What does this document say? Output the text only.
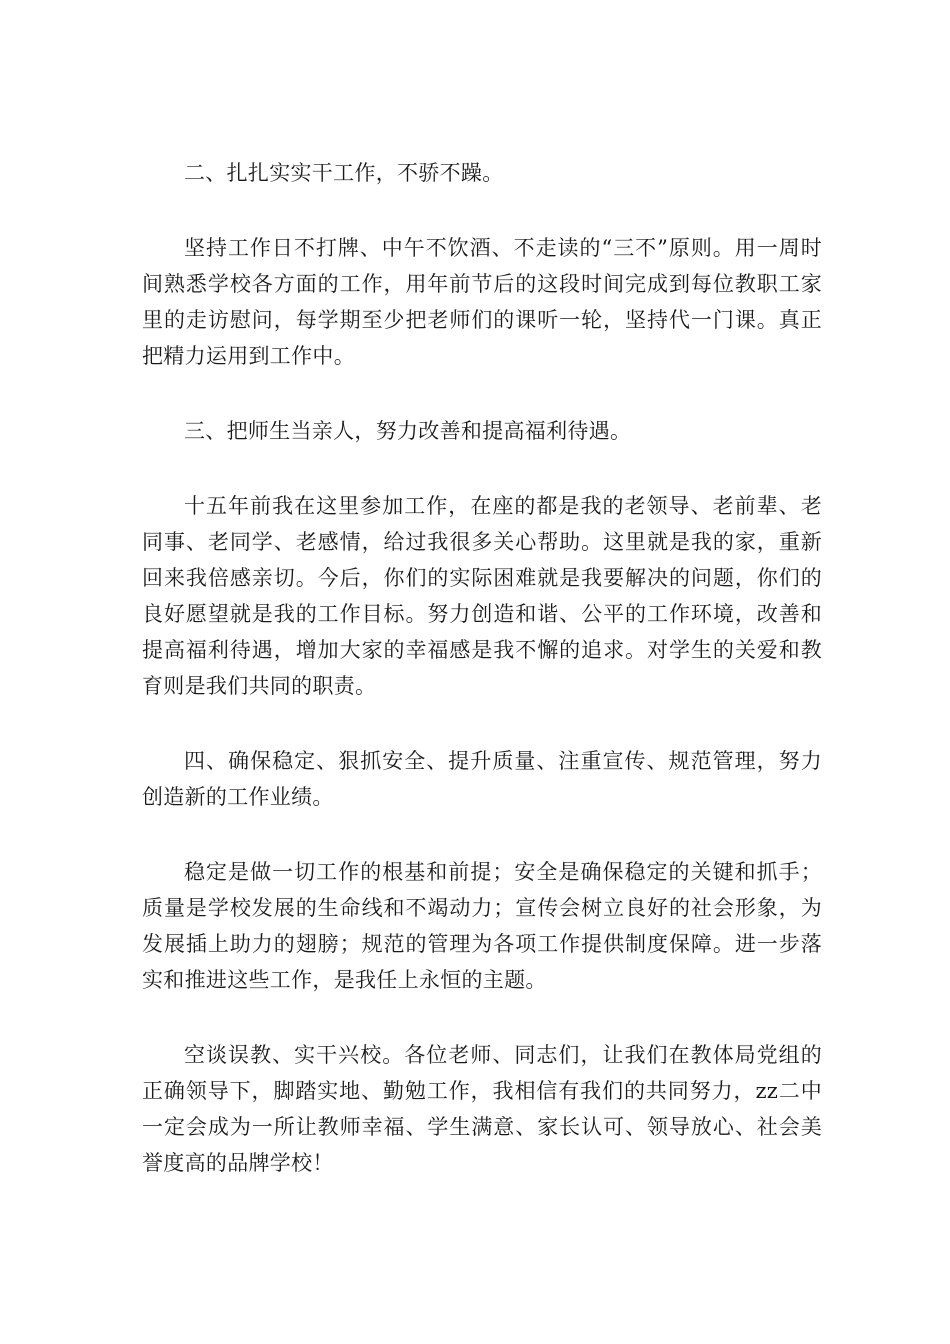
二、扎扎实实干工作，不骄不躁。

坚持工作日不打牌、中午不饮酒、不走读的“三不”原则。用一周时间熟悉学校各方面的工作，用年前节后的这段时间完成到每位教职工家里的走访慰问，每学期至少把老师们的课听一轮，坚持代一门课。真正把精力运用到工作中。

三、把师生当亲人，努力改善和提高福利待遇。

十五年前我在这里参加工作，在座的都是我的老领导、老前辈、老同事、老同学、老感情，给过我很多关心帮助。这里就是我的家，重新回来我倍感亲切。今后，你们的实际困难就是我要解决的问题，你们的良好愿望就是我的工作目标。努力创造和谐、公平的工作环境，改善和提高福利待遇，增加大家的幸福感是我不懈的追求。对学生的关爱和教育则是我们共同的职责。

四、确保稳定、狠抓安全、提升质量、注重宣传、规范管理，努力创造新的工作业绩。

稳定是做一切工作的根基和前提；安全是确保稳定的关键和抓手；质量是学校发展的生命线和不竭动力；宣传会树立良好的社会形象，为发展插上助力的翅膀；规范的管理为各项工作提供制度保障。进一步落实和推进这些工作，是我任上永恒的主题。

空谈误教、实干兴校。各位老师、同志们，让我们在教体局党组的正确领导下，脚踏实地、勤勉工作，我相信有我们的共同努力，zz二中一定会成为一所让教师幸福、学生满意、家长认可、领导放心、社会美誉度高的品牌学校！
